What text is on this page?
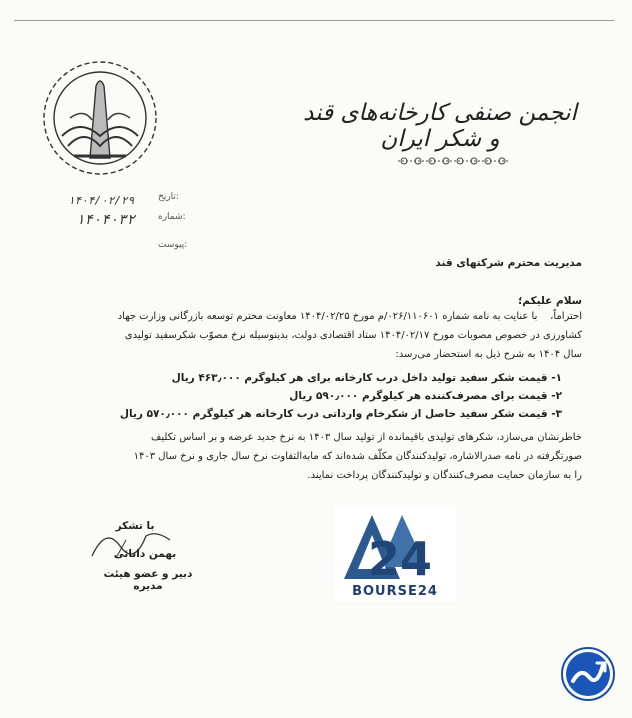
انجمن صنفی کارخانه‌های قند و شکر ایران
تاریخ:
۱۴۰۴/۰۲/۲۹
شماره:
۱۴۰۴۰۳۲
پیوست:
مدیریت محترم شرکتهای قند
سلام علیکم؛
احتراماً،    با عنایت به نامه شماره ۰۲۶/۱۱۰۶۰۱/م مورخ ۱۴۰۴/۰۲/۲۵ معاونت محترم توسعه بازرگانی وزارت جهاد
کشاورزی در خصوص مصوبات مورخ ۱۴۰۴/۰۲/۱۷ ستاد اقتصادی دولت، بدینوسیله نرخ مصوّب شکرسفید تولیدی
سال ۱۴۰۴ به شرح ذیل به استحضار می‌رسد:
۱- قیمت شکر سفید تولید داخل درب کارخانه برای هر کیلوگرم ۴۶۳٫۰۰۰ ریال
۲- قیمت برای مصرف‌کننده هر کیلوگرم ۵۹۰٫۰۰۰ ریال
۳- قیمت شکر سفید حاصل از شکرخام وارداتی درب کارخانه هر کیلوگرم ۵۷۰٫۰۰۰ ریال
خاطرنشان می‌سازد، شکرهای تولیدی باقیمانده از تولید سال ۱۴۰۳ به نرخ جدید عرضه و بر اساس تکلیف
صورتگرفته در نامه صدرالاشاره، تولیدکنندگان مکلّف شده‌اند که مابه‌التفاوت نرخ سال جاری و نرخ سال ۱۴۰۳
را به سازمان حمایت مصرف‌کنندگان و تولیدکنندگان پرداخت نمایند.
با تشکر
بهمن دانائی
دبیر و عضو هیئت مدیره	24
BOURSE24
